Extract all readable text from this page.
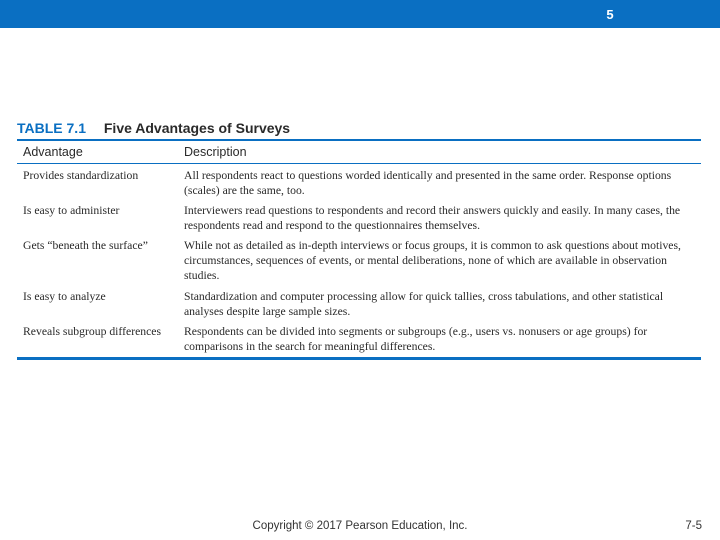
5
TABLE 7.1 Five Advantages of Surveys
Advantage	Description
Provides standardization	All respondents react to questions worded identically and presented in the same order. Response options (scales) are the same, too.
Is easy to administer	Interviewers read questions to respondents and record their answers quickly and easily. In many cases, the respondents read and respond to the questionnaires themselves.
Gets “beneath the surface”	While not as detailed as in-depth interviews or focus groups, it is common to ask questions about motives, circumstances, sequences of events, or mental deliberations, none of which are available in observation studies.
Is easy to analyze	Standardization and computer processing allow for quick tallies, cross tabulations, and other statistical analyses despite large sample sizes.
Reveals subgroup differences	Respondents can be divided into segments or subgroups (e.g., users vs. nonusers or age groups) for comparisons in the search for meaningful differences.
Copyright © 2017 Pearson Education, Inc.	7-5
